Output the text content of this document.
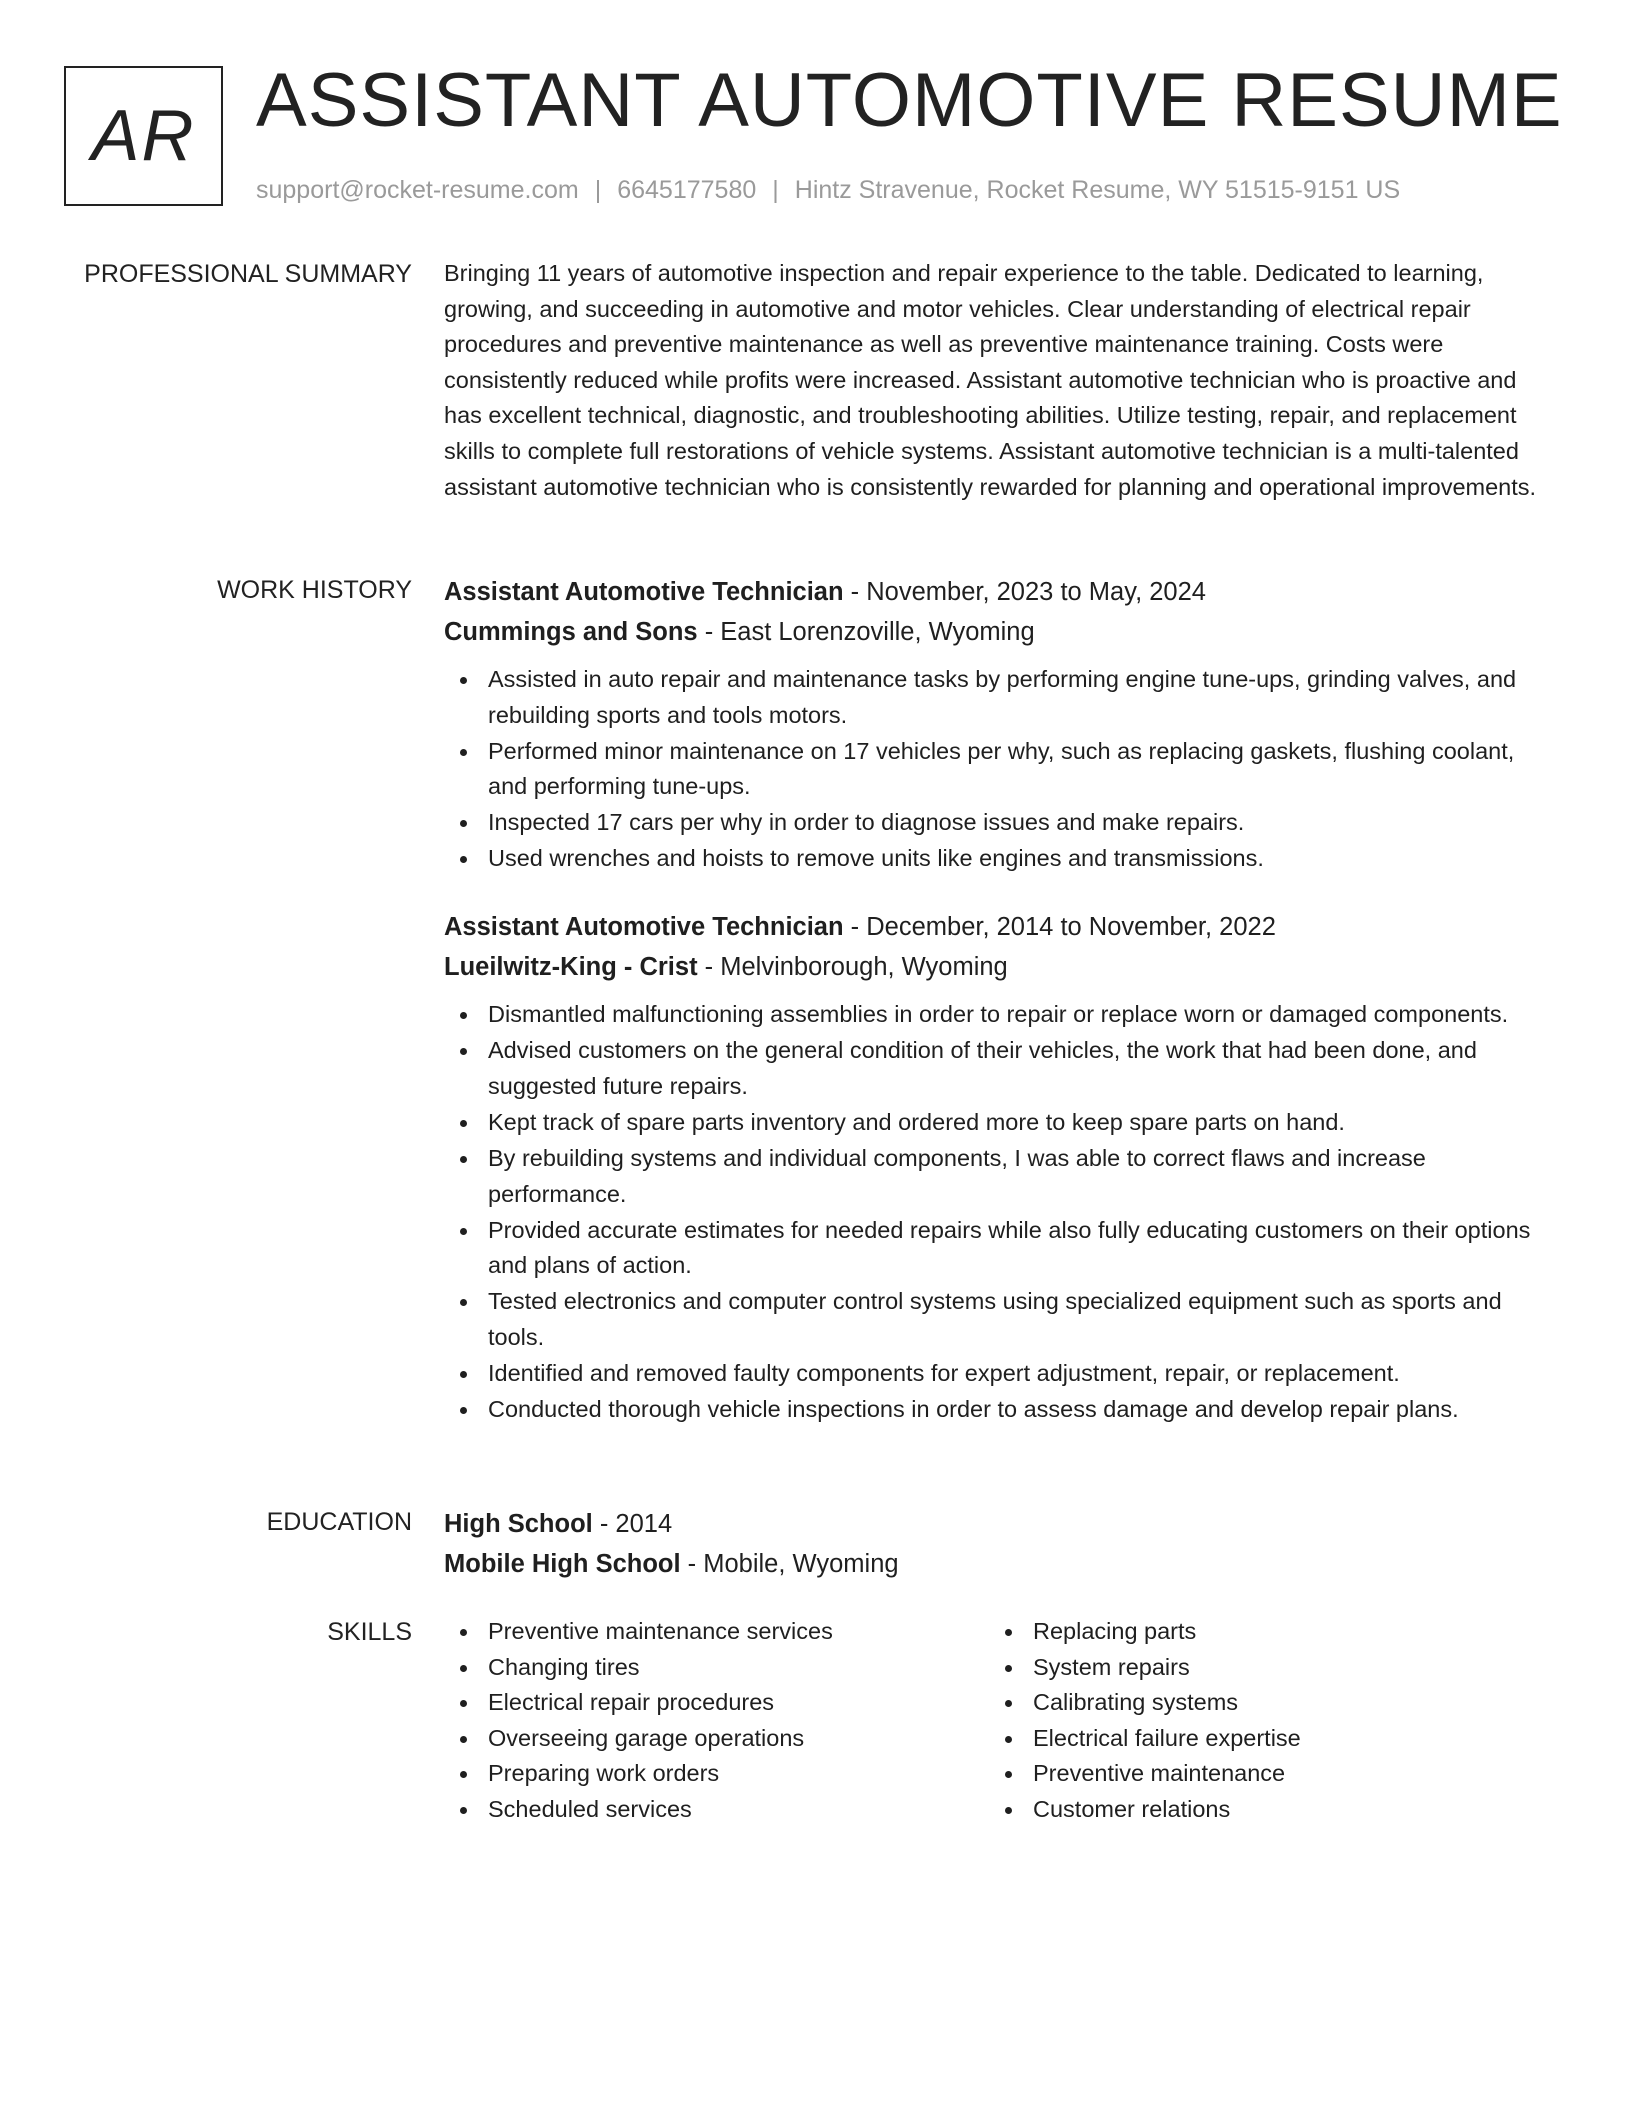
AR ASSISTANT AUTOMOTIVE RESUME
support@rocket-resume.com | 6645177580 | Hintz Stravenue, Rocket Resume, WY 51515-9151 US
PROFESSIONAL SUMMARY Bringing 11 years of automotive inspection and repair experience to the table. Dedicated to learning, growing, and succeeding in automotive and motor vehicles. Clear understanding of electrical repair procedures and preventive maintenance as well as preventive maintenance training. Costs were consistently reduced while profits were increased. Assistant automotive technician who is proactive and has excellent technical, diagnostic, and troubleshooting abilities. Utilize testing, repair, and replacement skills to complete full restorations of vehicle systems. Assistant automotive technician is a multi-talented assistant automotive technician who is consistently rewarded for planning and operational improvements.

WORK HISTORY Assistant Automotive Technician - November, 2023 to May, 2024
Cummings and Sons - East Lorenzoville, Wyoming
Assisted in auto repair and maintenance tasks by performing engine tune-ups, grinding valves, and rebuilding sports and tools motors.
Performed minor maintenance on 17 vehicles per why, such as replacing gaskets, flushing coolant, and performing tune-ups.
Inspected 17 cars per why in order to diagnose issues and make repairs.
Used wrenches and hoists to remove units like engines and transmissions.
Assistant Automotive Technician - December, 2014 to November, 2022
Lueilwitz-King - Crist - Melvinborough, Wyoming
Dismantled malfunctioning assemblies in order to repair or replace worn or damaged components.
Advised customers on the general condition of their vehicles, the work that had been done, and suggested future repairs.
Kept track of spare parts inventory and ordered more to keep spare parts on hand.
By rebuilding systems and individual components, I was able to correct flaws and increase performance.
Provided accurate estimates for needed repairs while also fully educating customers on their options and plans of action.
Tested electronics and computer control systems using specialized equipment such as sports and tools.
Identified and removed faulty components for expert adjustment, repair, or replacement.
Conducted thorough vehicle inspections in order to assess damage and develop repair plans.
EDUCATION High School - 2014
Mobile High School - Mobile, Wyoming
SKILLS	Preventive maintenance services
Changing tires
Electrical repair procedures
Overseeing garage operations
Preparing work orders
Scheduled services
Replacing parts
System repairs
Calibrating systems
Electrical failure expertise
Preventive maintenance
Customer relations
